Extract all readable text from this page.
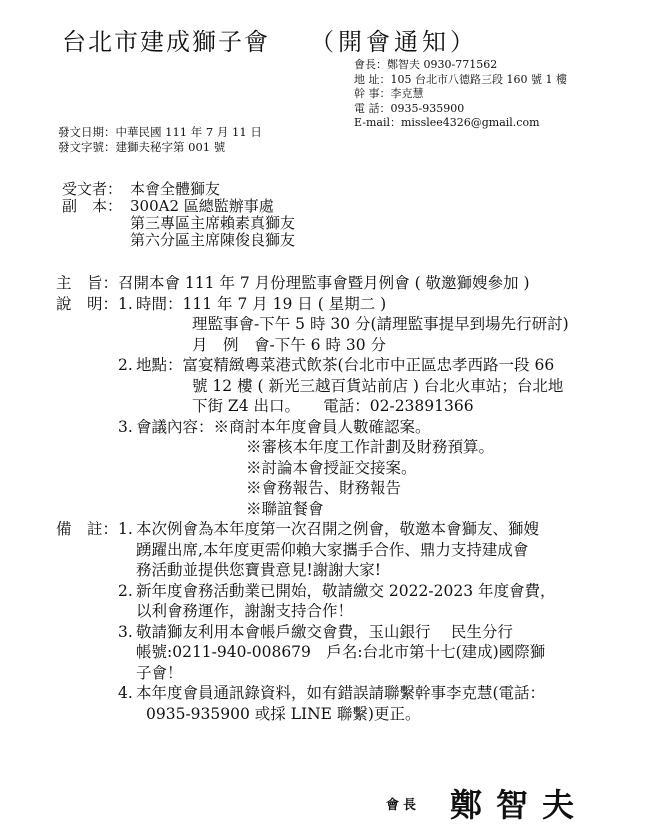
台北市建成獅子會 （開會通知）
會長：鄭智夫 0930-771562
地 址：105 台北市八德路三段 160 號 1 樓
幹 事：李克慧
電 話：0935-935900
E-mail：misslee4326@gmail.com
發文日期：中華民國 111 年 7 月 11 日
發文字號：建獅夫秘字第 001 號
受文者： 本會全體獅友
副　本： 300A2 區總監辦事處
第三專區主席賴素真獅友
第六分區主席陳俊良獅友
主　旨： 召開本會 111 年 7 月份理監事會暨月例會 ( 敬邀獅嫂參加 )
說　明： 1. 時間：111 年 7 月 19 日 ( 星期二 )
理監事會-下午 5 時 30 分(請理監事提早到場先行研討)
月　例　會-下午 6 時 30 分
2. 地點：富宴精緻粵菜港式飲茶(台北市中正區忠孝西路一段 66
號 12 樓 ( 新光三越百貨站前店 ) 台北火車站；台北地
下街 Z4 出口。　　電話：02-23891366
3. 會議內容：※商討本年度會員人數確認案。
※審核本年度工作計劃及財務預算。
※討論本會授証交接案。
※會務報告、財務報告
※聯誼餐會
備　註： 1. 本次例會為本年度第一次召開之例會，敬邀本會獅友、獅嫂
踴躍出席,本年度更需仰賴大家攜手合作、鼎力支持建成會
務活動並提供您寶貴意見!謝謝大家!
2. 新年度會務活動業已開始，敬請繳交 2022-2023 年度會費，
以利會務運作，謝謝支持合作！
3. 敬請獅友利用本會帳戶繳交會費，玉山銀行　 民生分行
帳號:0211-940-008679　戶名:台北市第十七(建成)國際獅
子會！
4. 本年度會員通訊錄資料，如有錯誤請聯繫幹事李克慧(電話：
0935-935900 或採 LINE 聯繫)更正。
會長 鄭智夫
